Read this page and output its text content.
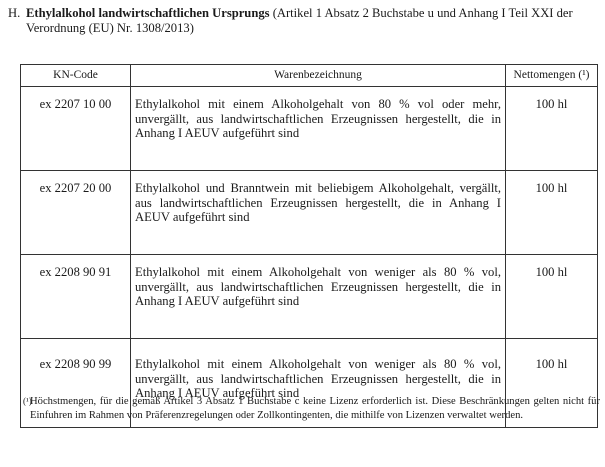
H. Ethylalkohol landwirtschaftlichen Ursprungs (Artikel 1 Absatz 2 Buchstabe u und Anhang I Teil XXI der Verordnung (EU) Nr. 1308/2013)
KN-Code	Warenbezeichnung	Nettomengen (¹)
ex 2207 10 00	Ethylalkohol mit einem Alkoholgehalt von 80 % vol oder mehr, unvergällt, aus landwirtschaftlichen Erzeugnissen hergestellt, die in Anhang I AEUV aufgeführt sind	100 hl
ex 2207 20 00	Ethylalkohol und Branntwein mit beliebigem Alkoholgehalt, vergällt, aus landwirtschaftlichen Erzeugnissen hergestellt, die in Anhang I AEUV aufgeführt sind	100 hl
ex 2208 90 91	Ethylalkohol mit einem Alkoholgehalt von weniger als 80 % vol, unvergällt, aus landwirtschaftlichen Erzeugnissen hergestellt, die in Anhang I AEUV aufgeführt sind	100 hl
ex 2208 90 99	Ethylalkohol mit einem Alkoholgehalt von weniger als 80 % vol, unvergällt, aus landwirtschaftlichen Erzeugnissen hergestellt, die in Anhang I AEUV aufgeführt sind	100 hl
(¹)
Höchstmengen, für die gemäß Artikel 3 Absatz 1 Buchstabe c keine Lizenz erforderlich ist. Diese Beschränkungen gelten nicht für Einfuhren im Rahmen von Präferenzregelungen oder Zollkontingenten, die mithilfe von Lizenzen verwaltet werden.
